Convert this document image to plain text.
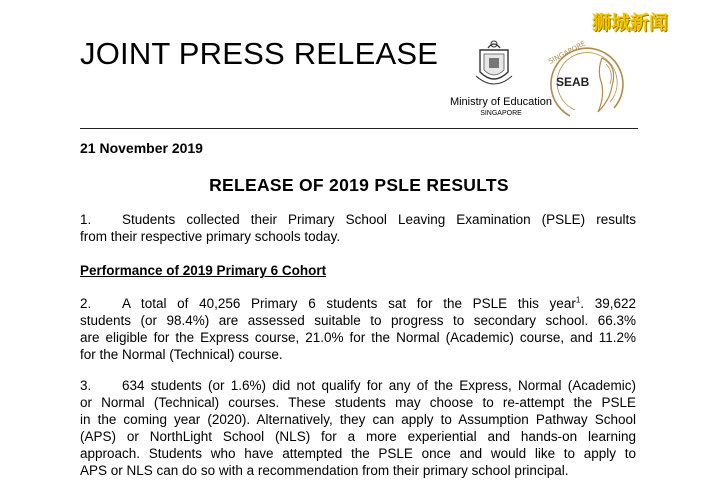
JOINT PRESS RELEASE
Ministry of Education
SINGAPORE
SINGAPORE
SEAB
狮城新闻
21 November 2019
RELEASE OF 2019 PSLE RESULTS
1. Students collected their Primary School Leaving Examination (PSLE) results
from their respective primary schools today.
Performance of 2019 Primary 6 Cohort
2. A total of 40,256 Primary 6 students sat for the PSLE this year$^1$. 39,622
students (or 98.4%) are assessed suitable to progress to secondary school. 66.3%
are eligible for the Express course, 21.0% for the Normal (Academic) course, and 11.2%
for the Normal (Technical) course.
3. 634 students (or 1.6%) did not qualify for any of the Express, Normal (Academic)
or Normal (Technical) courses. These students may choose to re-attempt the PSLE
in the coming year (2020). Alternatively, they can apply to Assumption Pathway School
(APS) or NorthLight School (NLS) for a more experiential and hands-on learning
approach. Students who have attempted the PSLE once and would like to apply to
APS or NLS can do so with a recommendation from their primary school principal.
